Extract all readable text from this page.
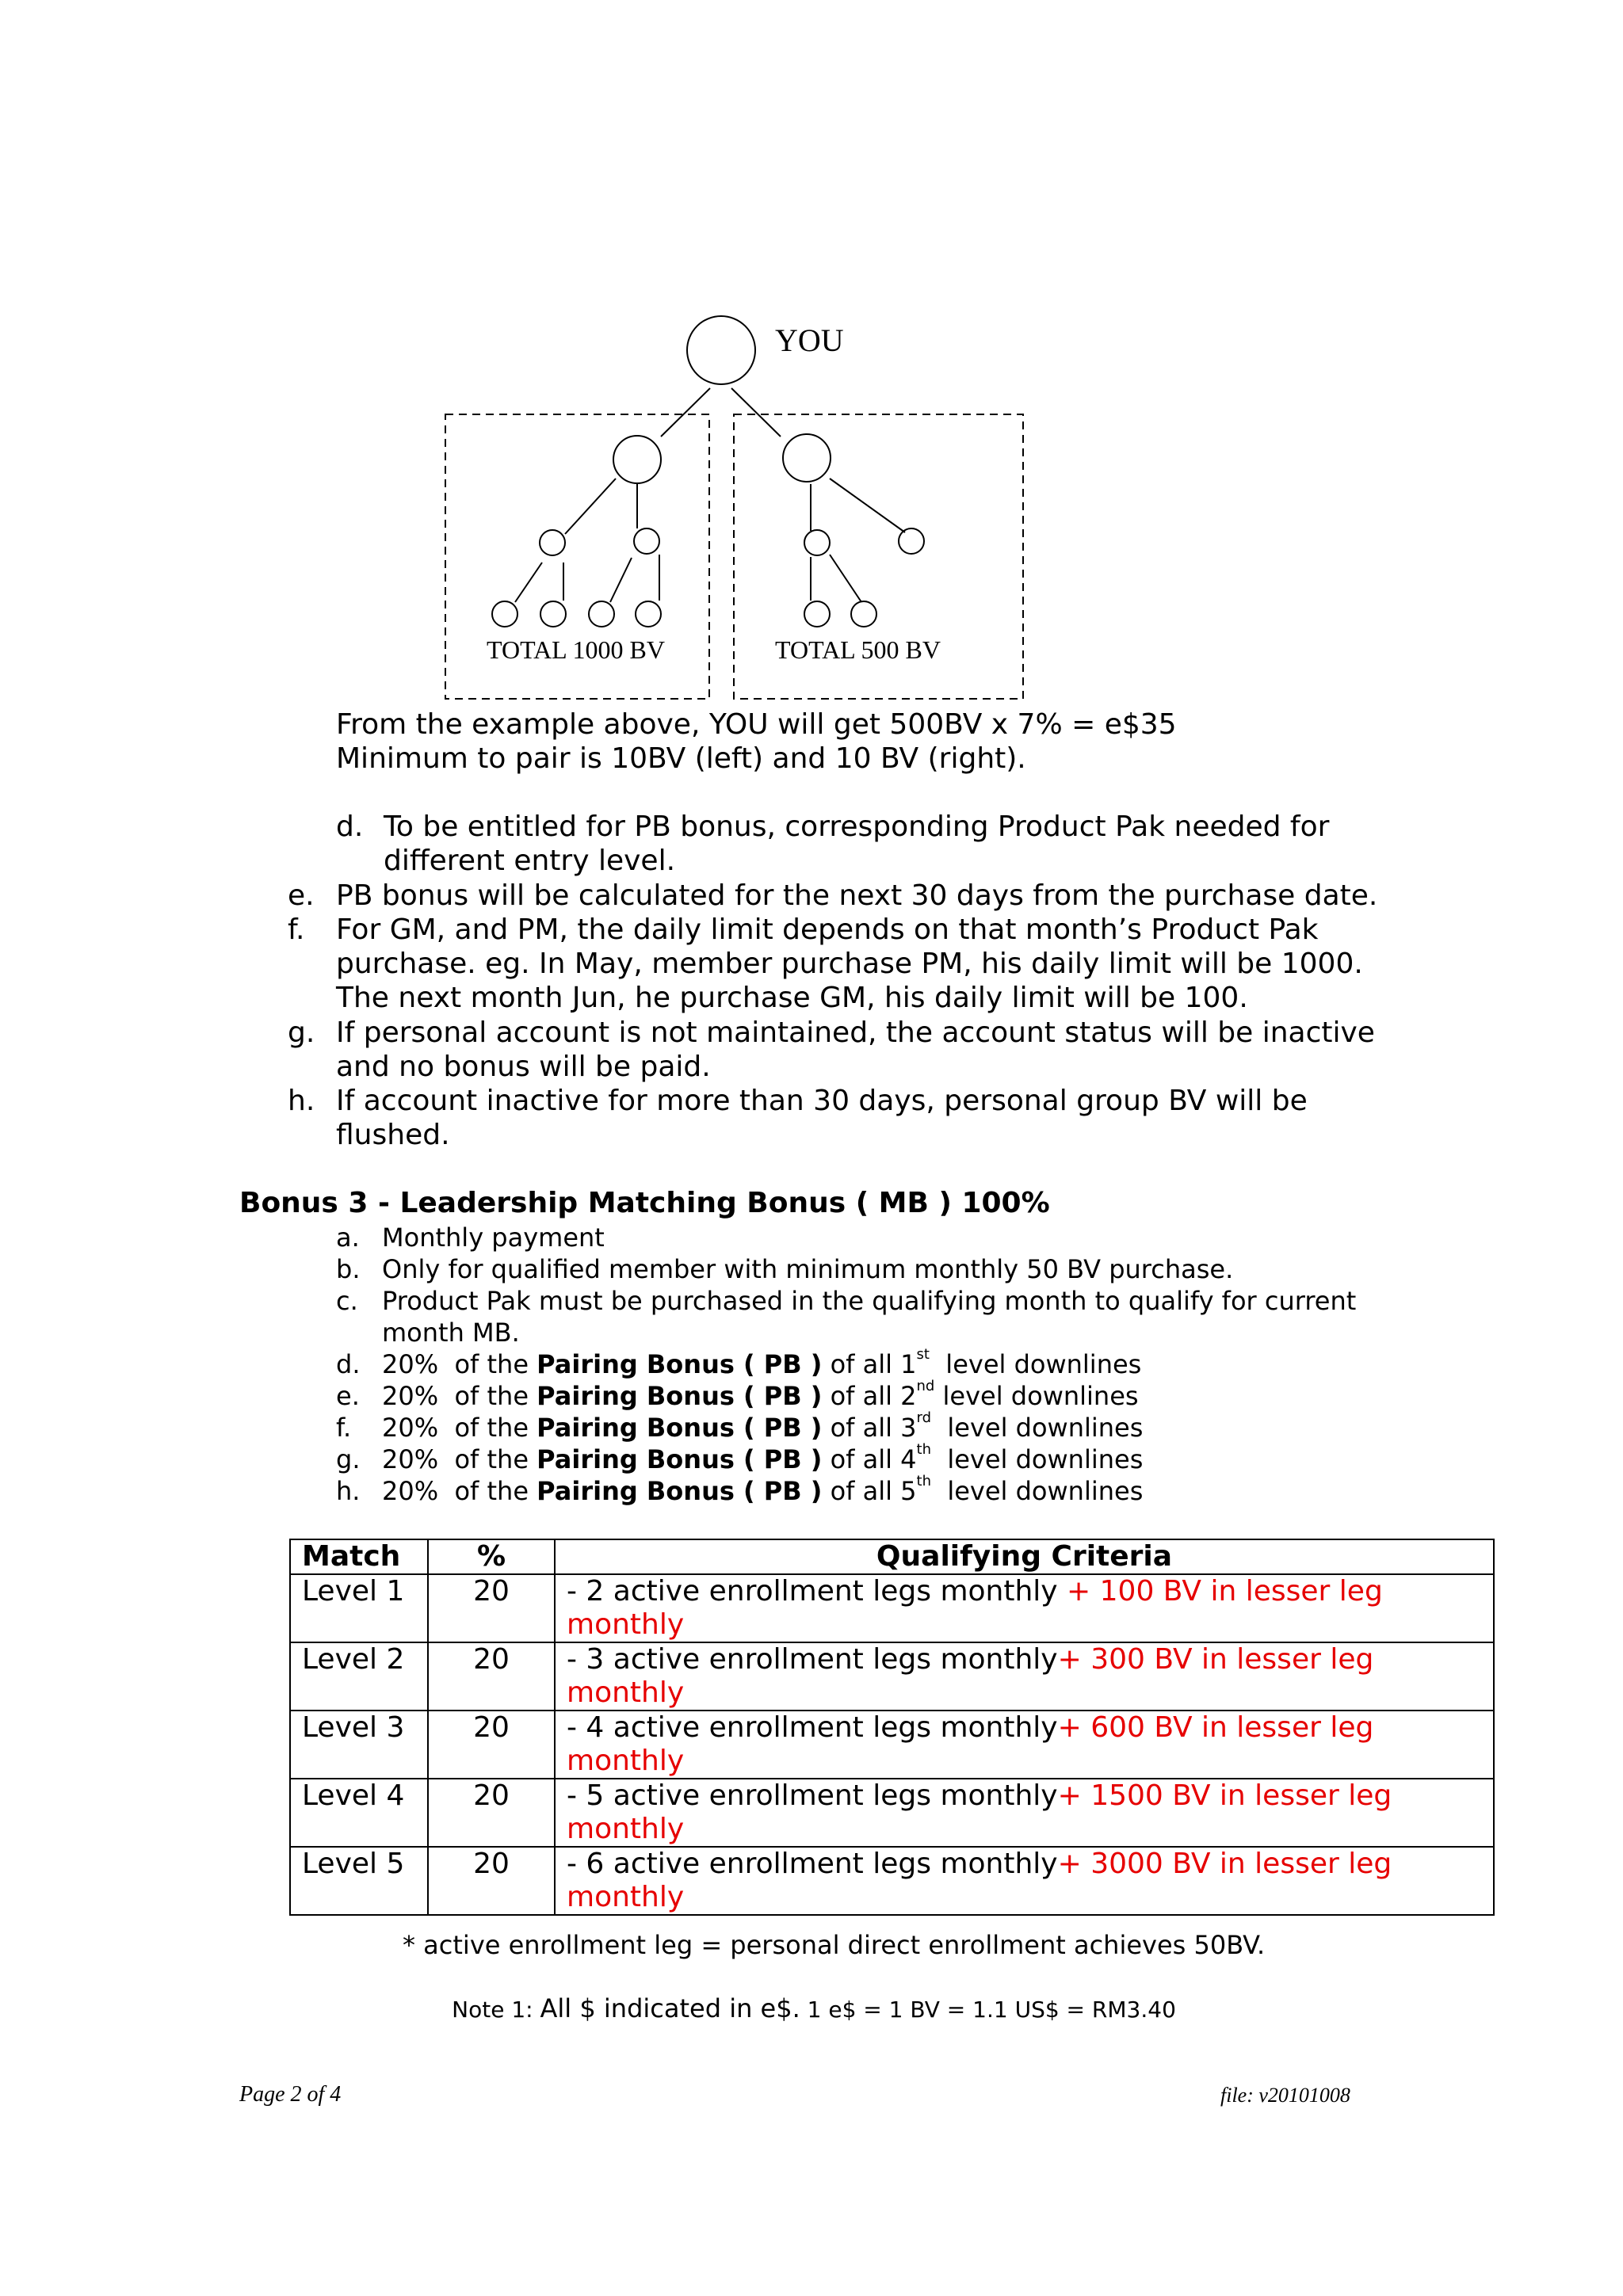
YOU
TOTAL 1000 BV	TOTAL 500 BV
From the example above, YOU will get 500BV x 7% = e$35
Minimum to pair is 10BV (left) and 10 BV (right).
d. To be entitled for PB bonus, corresponding Product Pak needed for
different entry level.
e. PB bonus will be calculated for the next 30 days from the purchase date.
f.	For GM, and PM, the daily limit depends on that month’s Product Pak
purchase. eg. In May, member purchase PM, his daily limit will be 1000.
The next month Jun, he purchase GM, his daily limit will be 100.
g. If personal account is not maintained, the account status will be inactive
and no bonus will be paid.
h. If account inactive for more than 30 days, personal group BV will be
flushed.
Bonus 3 - Leadership Matching Bonus ( MB ) 100%
a. Monthly payment
b. Only for qualified member with minimum monthly 50 BV purchase.
c. Product Pak must be purchased in the qualifying month to qualify for current
month MB.
d. 20%  of the Pairing Bonus ( PB ) of all 1st  level downlines
e. 20%  of the Pairing Bonus ( PB ) of all 2nd level downlines
f. 20%  of the Pairing Bonus ( PB ) of all 3rd  level downlines
g. 20%  of the Pairing Bonus ( PB ) of all 4th  level downlines
h. 20%  of the Pairing Bonus ( PB ) of all 5th  level downlines
Match	%	Qualifying Criteria
Level 1	20	- 2 active enrollment legs monthly + 100 BV in lesser leg
monthly
Level 2	20	- 3 active enrollment legs monthly+ 300 BV in lesser leg
monthly
Level 3	20	- 4 active enrollment legs monthly+ 600 BV in lesser leg
monthly
Level 4	20	- 5 active enrollment legs monthly+ 1500 BV in lesser leg
monthly
Level 5	20	- 6 active enrollment legs monthly+ 3000 BV in lesser leg
monthly
* active enrollment leg = personal direct enrollment achieves 50BV.

Note 1: All $ indicated in e$. 1 e$ = 1 BV = 1.1 US$ = RM3.40

Page 2 of 4	file: v20101008
